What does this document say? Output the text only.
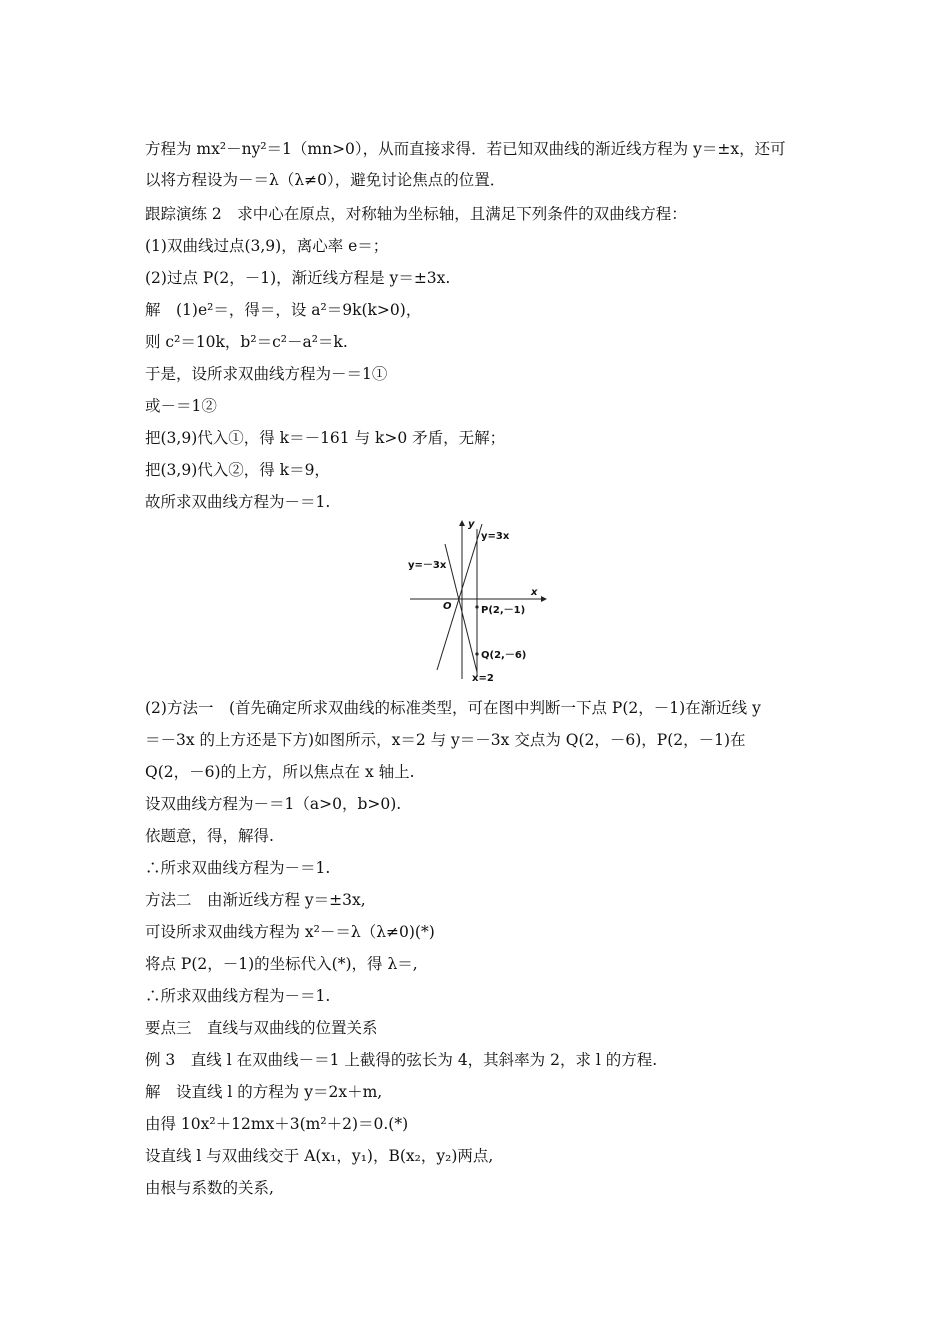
方程为 mx²－ny²＝1（mn>0），从而直接求得．若已知双曲线的渐近线方程为 y＝±x，还可
以将方程设为－＝λ（λ≠0），避免讨论焦点的位置．
跟踪演练 2　求中心在原点，对称轴为坐标轴，且满足下列条件的双曲线方程：
(1)双曲线过点(3,9)，离心率 e＝；
(2)过点 P(2，－1)，渐近线方程是 y＝±3x.
解　(1)e²＝，得＝，设 a²＝9k(k>0)，
则 c²＝10k，b²＝c²－a²＝k.
于是，设所求双曲线方程为－＝1①
或－＝1②
把(3,9)代入①，得 k＝－161 与 k>0 矛盾，无解；
把(3,9)代入②，得 k＝9，
故所求双曲线方程为－＝1.
y
x
y=3x
y=－3x
O	P(2,－1)
Q(2,－6)
x=2
(2)方法一　(首先确定所求双曲线的标准类型，可在图中判断一下点 P(2，－1)在渐近线 y
＝－3x 的上方还是下方)如图所示，x＝2 与 y＝－3x 交点为 Q(2，－6)，P(2，－1)在
Q(2，－6)的上方，所以焦点在 x 轴上.
设双曲线方程为－＝1（a>0，b>0).
依题意，得，解得.
∴所求双曲线方程为－＝1.
方法二　由渐近线方程 y＝±3x,
可设所求双曲线方程为 x²－＝λ（λ≠0)(*)
将点 P(2，－1)的坐标代入(*)，得 λ＝,
∴所求双曲线方程为－＝1.
要点三　直线与双曲线的位置关系
例 3　直线 l 在双曲线－＝1 上截得的弦长为 4，其斜率为 2，求 l 的方程.
解　设直线 l 的方程为 y＝2x＋m,
由得 10x²＋12mx＋3(m²＋2)＝0.(*)
设直线 l 与双曲线交于 A(x₁，y₁)，B(x₂，y₂)两点,
由根与系数的关系,
